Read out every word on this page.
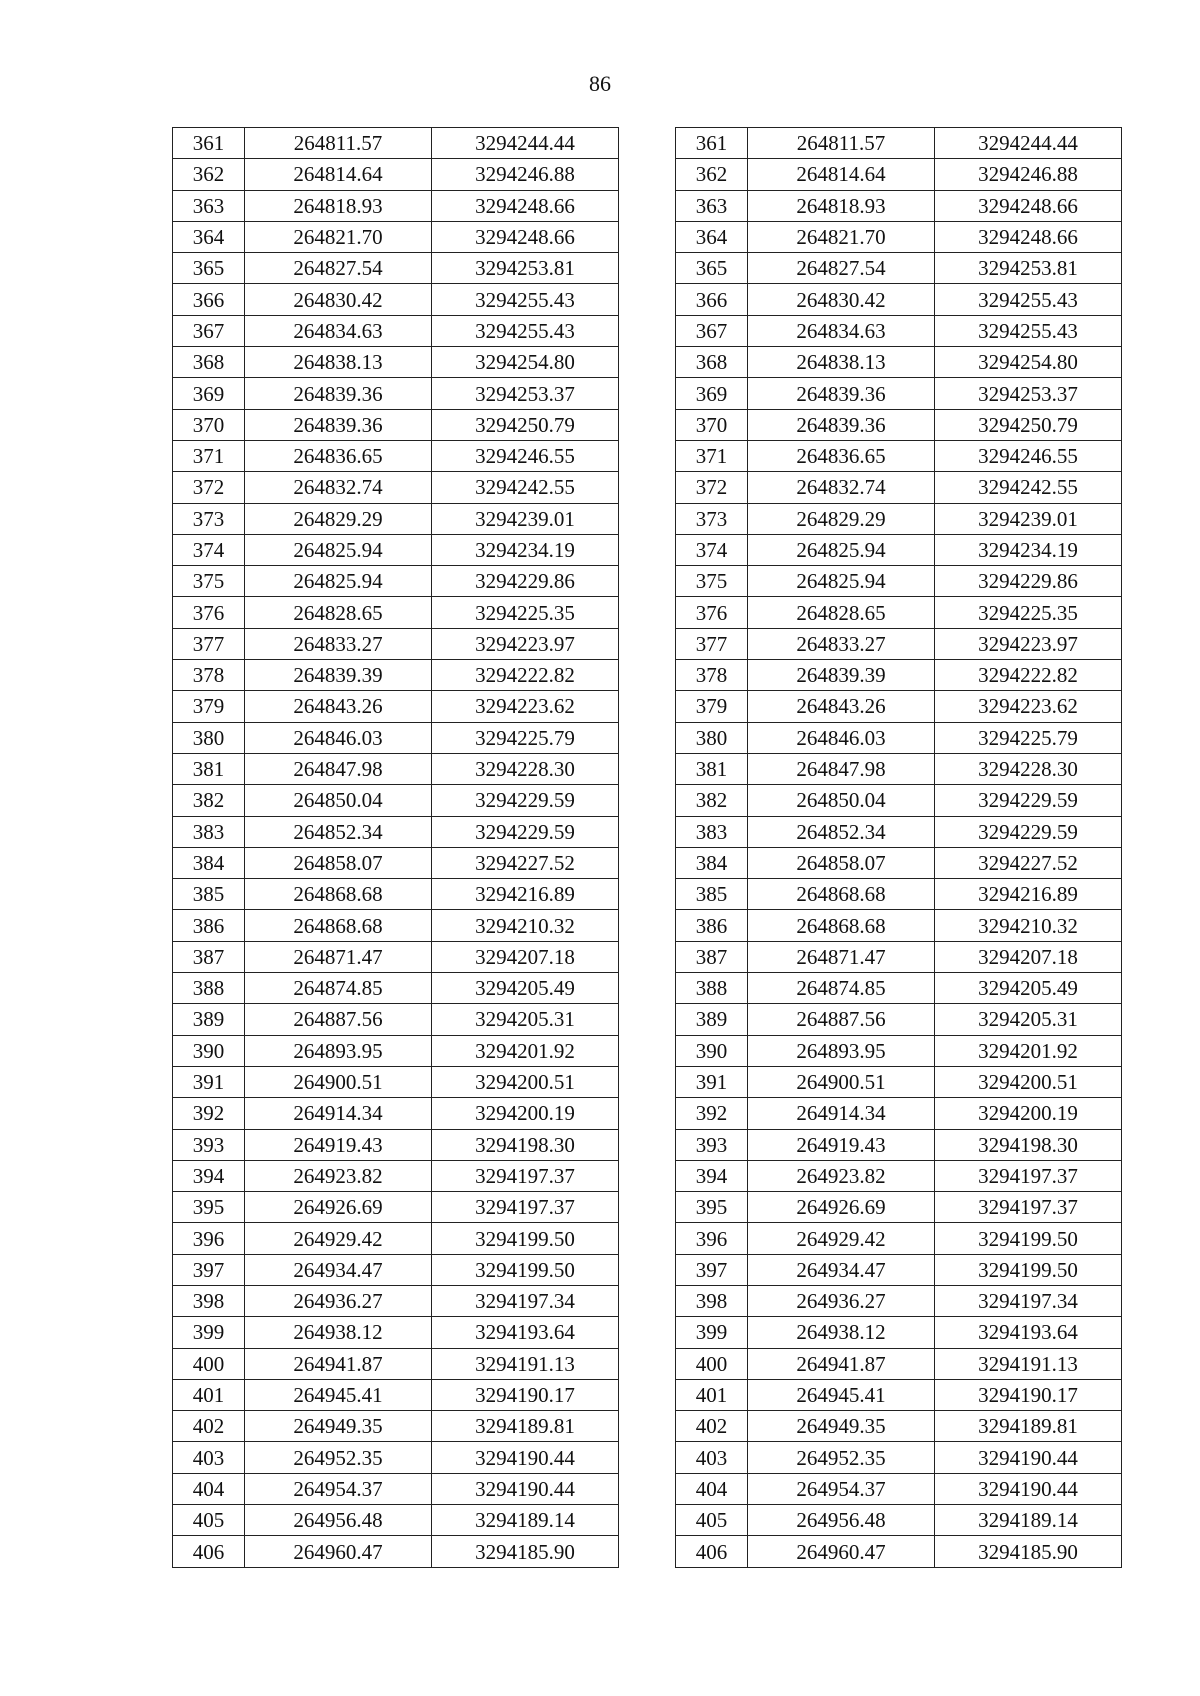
86
361	264811.57	3294244.44		361	264811.57	3294244.44
362	264814.64	3294246.88		362	264814.64	3294246.88
363	264818.93	3294248.66		363	264818.93	3294248.66
364	264821.70	3294248.66		364	264821.70	3294248.66
365	264827.54	3294253.81		365	264827.54	3294253.81
366	264830.42	3294255.43		366	264830.42	3294255.43
367	264834.63	3294255.43		367	264834.63	3294255.43
368	264838.13	3294254.80		368	264838.13	3294254.80
369	264839.36	3294253.37		369	264839.36	3294253.37
370	264839.36	3294250.79		370	264839.36	3294250.79
371	264836.65	3294246.55		371	264836.65	3294246.55
372	264832.74	3294242.55		372	264832.74	3294242.55
373	264829.29	3294239.01		373	264829.29	3294239.01
374	264825.94	3294234.19		374	264825.94	3294234.19
375	264825.94	3294229.86		375	264825.94	3294229.86
376	264828.65	3294225.35		376	264828.65	3294225.35
377	264833.27	3294223.97		377	264833.27	3294223.97
378	264839.39	3294222.82		378	264839.39	3294222.82
379	264843.26	3294223.62		379	264843.26	3294223.62
380	264846.03	3294225.79		380	264846.03	3294225.79
381	264847.98	3294228.30		381	264847.98	3294228.30
382	264850.04	3294229.59		382	264850.04	3294229.59
383	264852.34	3294229.59		383	264852.34	3294229.59
384	264858.07	3294227.52		384	264858.07	3294227.52
385	264868.68	3294216.89		385	264868.68	3294216.89
386	264868.68	3294210.32		386	264868.68	3294210.32
387	264871.47	3294207.18		387	264871.47	3294207.18
388	264874.85	3294205.49		388	264874.85	3294205.49
389	264887.56	3294205.31		389	264887.56	3294205.31
390	264893.95	3294201.92		390	264893.95	3294201.92
391	264900.51	3294200.51		391	264900.51	3294200.51
392	264914.34	3294200.19		392	264914.34	3294200.19
393	264919.43	3294198.30		393	264919.43	3294198.30
394	264923.82	3294197.37		394	264923.82	3294197.37
395	264926.69	3294197.37		395	264926.69	3294197.37
396	264929.42	3294199.50		396	264929.42	3294199.50
397	264934.47	3294199.50		397	264934.47	3294199.50
398	264936.27	3294197.34		398	264936.27	3294197.34
399	264938.12	3294193.64		399	264938.12	3294193.64
400	264941.87	3294191.13		400	264941.87	3294191.13
401	264945.41	3294190.17		401	264945.41	3294190.17
402	264949.35	3294189.81		402	264949.35	3294189.81
403	264952.35	3294190.44		403	264952.35	3294190.44
404	264954.37	3294190.44		404	264954.37	3294190.44
405	264956.48	3294189.14		405	264956.48	3294189.14
406	264960.47	3294185.90		406	264960.47	3294185.90
